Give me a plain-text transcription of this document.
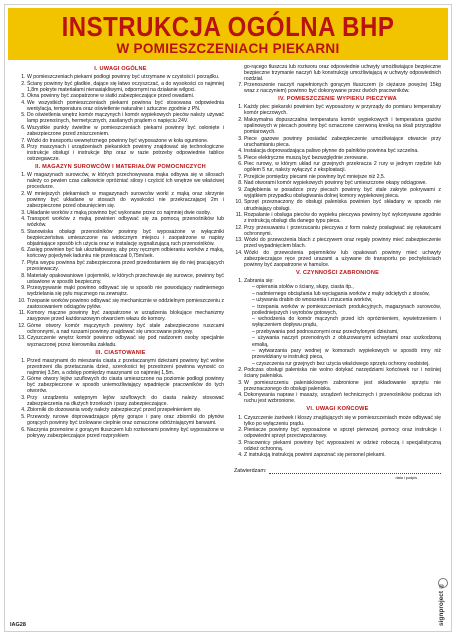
INSTRUKCJA OGÓLNA BHP
W POMIESZCZENIACH PIEKARNI
I. UWAGI OGÓLNE
1. W pomieszczeniach piekarni podłogi powinny być utrzymane w czystości i porządku.
2. Ściany powinny być gładkie, dające się łatwo oczyszczać, a do wysokości co najmniej 1,8m pokryte materiałami nienasiąkliwymi, odpornymi na działanie wilgoci.
3. Okna powinny być zaopatrzone w siatki zabezpieczające przed owadami.
4. We wszystkich pomieszczeniach piekarni powinna być stosowana odpowiednia wentylacja, temperatura oraz oświetlenie naturalne i sztuczne zgodnie z PN.
5. Do oświetlenia wnętrz komór mączynych i komór wypiekowych pieców należy używać lamp przenośnych, hermetycznych, zasilanych prądem o napięciu 24V.
6. Wszystkie punkty świetlne w pomieszczeniach piekarni powinny być osłonięte i zabezpieczone przed zniszczeniem.
7. Wózki do transportu wewnętrznego powinny być wyposażone w koła ogumione.
8. Przy maszynach i urządzeniach piekarskich powinny znajdować się technologiczne instrukcje obsługi i instrukcje bhp oraz w razie potrzeby odpowiednie tablice ostrzegawcze.
II. MAGAZYN SUROWCÓW I MATERIAŁÓW POMOCNICZYCH
1. W magazynach surowców, w których przechowywana mąka odbywa się w silosach należy co pewien czas całkowicie opróżniać silosy i czyścić ich wnętrze we właściwej procedurze.
2. W mniejszych piekarniach w magazynach surowców worki z mąką oraz skrzynie powinny być układane w stosach do wysokości nie przekraczającej 2m i zabezpieczone przed obsunięciem się.
3. Układanie worków z mąką powinno być wykonane przez co najmniej dwie osoby.
4. Transport worków z mąką powinien odbywać się za pomocą przenośników lub wózków.
5. Stanowiska obsługi przenośników powinny być wyposażone w wyłączniki bezpieczeństwa umieszczone na widocznym miejscu i zaopatrzone w napisy objaśniające sposób ich użycia oraz w instalację sygnalizującą ruch przenośników.
6. Zasięg powinien być tak ukształtowany, aby przy ręcznym odbieraniu worków z mąką, końcowy pojedynek ładunku nie przekraczał 0,75m/sek.
7. Płyta wsypu powinna być zabezpieczona przed przedostaniem się do niej pracujących przesiewaczy.
8. Materiały opakowaniowe i pojemniki, w których przechowuje się surowce, powinny być ustawione w sposób bezpieczny.
9. Przesypywanie mąki powinno odbywać się w sposób nie powodujący nadmiernego wydzielania się pyłu mącznego na zewnątrz.
10. Trzepanie worków powinno odbywać się mechanicznie w oddzielnym pomieszczeniu z zastosowaniem odciągów pyłów.
11. Komory mączne powinny być zaopatrzone w urządzenia blokujące mechanizmy zasypowe przed każdorazowym otwarciem włazu do komory.
12. Górne otwory komór mączynych powinny być stale zabezpieczone ruszcami ochronnymi, a nad ruszami powinny znajdować się umocowane pokrywy.
13. Czyszczenie wnętrz komór powinno odbywać się pod nadzorem osoby specjalnie wyznaczonej przez kierownika zakładu.
III. CIASTOWANIE
1. Przed maszynami do mieszania ciasta z przetaczanymi dzieżami powinny być wolne przestrzeni dla przetaczania dzież, szerokości tej przestrzeni powinna wynosić co najmniej 3,5m, a odstęp pomiędzy maszynami co najmniej 1,5m.
2. Górne otwory lejów szuflowych do ciasta umieszczone na poziomie podłogi powinny być zabezpieczone w sposób uniemożliwiający wpadnięcie pracowników do tych otworów.
3. Przy urządzeniu wstępnym lejów szuflowych do ciasta należy stosować zabezpieczenia na dłużych trzonkach i pasy zabezpieczające.
4. Zbiorniki do dozowania wody należy zabezpieczyć przed przepełnieniem się.
5. Przewody rurowe doprowadzające płyny gorące i parę oraz zbiorniki do płynów gorących powinny być izolowane cieplnie oraz oznaczone odróżniającymi barwami.
6. Naczynia przenośne z gorącym tłuszczem lub roztworami powinny być wyposażone w pokrywy zabezpieczające przed rozpryskiem

go-rącego tłuszczu lub roztworu oraz odpowiednie uchwyty umożliwiające bezpieczne bezpieczne trzymanie naczyń lub konstrukcję umożliwiającą w uchwyty odpowiednich rozdział.

7. Przenoszenie naczyń napełnionych gorącym tłuszczem (o ciężarze powyżej 15kg wraz z naczyniem) powinno być dokonywane przez dwóch pracowników.
IV. POMIESZCZENIE WYPIEKU PIECZYWA
1. Każdy piec piekarski powinien być wyposażony w przyrządy do pomiaru temperatury komór pieczowych.
2. Maksymalna dopuszczalna temperatura komór wypiekowych i temperatura gazów spalinowych w piecach powinny być oznaczone czerwoną kreską na skali przyrządów pomiarowych.
3. Piece gazowe powinny posiadać zabezpieczenie umożliwiające otwarcie przy uruchamianiu pieca.
4. Instalacja doprowadzająca paliwo płynne do palników powinna być szczelna.
5. Piece elektryczne muszą być bezwzględnie zerowane.
6. Piec rurowy, w którym układ rur grzejnych przekracza 2 rury w jednym rzędzie lub ogólem 5 rur, należy wyłączyć z eksploatacji.
7. Przejście pomiędzy piecami nie powinny być mniejsze niż 2,5.
8. Nad otworami komór wypiekowych powinny być umieszczone okapy odciągowe.
9. Zagłębienia w posadzce przy piecach powinny być stale zakryte pokrywami z wyjątkiem przypadku obsługiwania dolnej komory wypiekowej pieca.
10. Sprzęt przeznaczony do obsługi paleniska powinien być składany w sposób nie utrudniający obsługi.
11. Rozpalanie i obsługa pieców do wypieku pieczywa powinny być wykonywane zgodnie z instrukcją obsługi dla danego typu pieca.
12. Przy przesuwaniu i przerzucaniu pieczywa z form należy posługiwać się rękawicami ochronnymi.
13. Wózki do przewożenia blach z pieczywem oraz regały powinny mieć zabezpieczenie przed wypadnięciem blach.
14. Wózki do przewożenia pojemników lub opakowań powinny mieć uchwyty zabezpieczające ręce przed urazami a używane do transportu po pochyłościach powinny być zaopatrzone w hamulce.
V. CZYNNOŚCI ZABRONIONE
1. Zabrania się:
– opierania stołów o ściany, słupy, ciasta itp.,
– nadmiernego obciążania lub wyciągania worków z mąky odciętych z stosów,
– używania drabin do wnoszenia i zrzucenia worków,
– trzepania worków w pomieszczeniach produkcyjnych, magazynach surowców, pośledniejszych i wyrobów gotowych,
– wchodzenia do komór mączynch przed ich opróżnieniem, wywietrzeniem i wyłączeniem dopływu prądu,
– przebywania pod podnoszonymi oraz przechylonymi dzieżami,
– używania naczyń przenośnych z obluzowanymi uchwytami oraz uszkodzoną emalią,
– wytwarzania pary wodnej w komorach wypiekowych w sposób inny niż przewidziany w instrukcji pieca,
– czyszczenia rur grzejnych bez użycia właściwego sprzętu ochrony osobistej.
2. Podczas obsługi paleniska nie wolno dotykać narzędziami końcówek rur i nośniej ściany paleniska.
3. W pomieszczeniu palenisk/owym zabronione jest składowanie sprzętu nie przeznaczonego do obsługi paleniska.
4. Dokonywania napraw i masaży, urządzeń technicznych i przenośników podczas ich ruchu jest wzbronione.
VI. UWAGI KOŃCOWE
1. Czyszczenie żarówek i kloszy znajdujących się w pomieszczeniach może odbywać się tylko po wyłączeniu prądu.
2. Pieniacze powinny być wyposażone w sprzęt pierwszej pomocy oraz instrukcje i odpowiedni sprzęt przeciwpożarowy.
3. Pracownicy piekarni powinny być wyposażeni w odzież roboczą i specjalistyczną odzież ochronną.
4. Z instrukcją instrukcją powinni zapoznać się personel piekarni.
Zatwierdzam:
data i podpis
signproject ®
IAG28
